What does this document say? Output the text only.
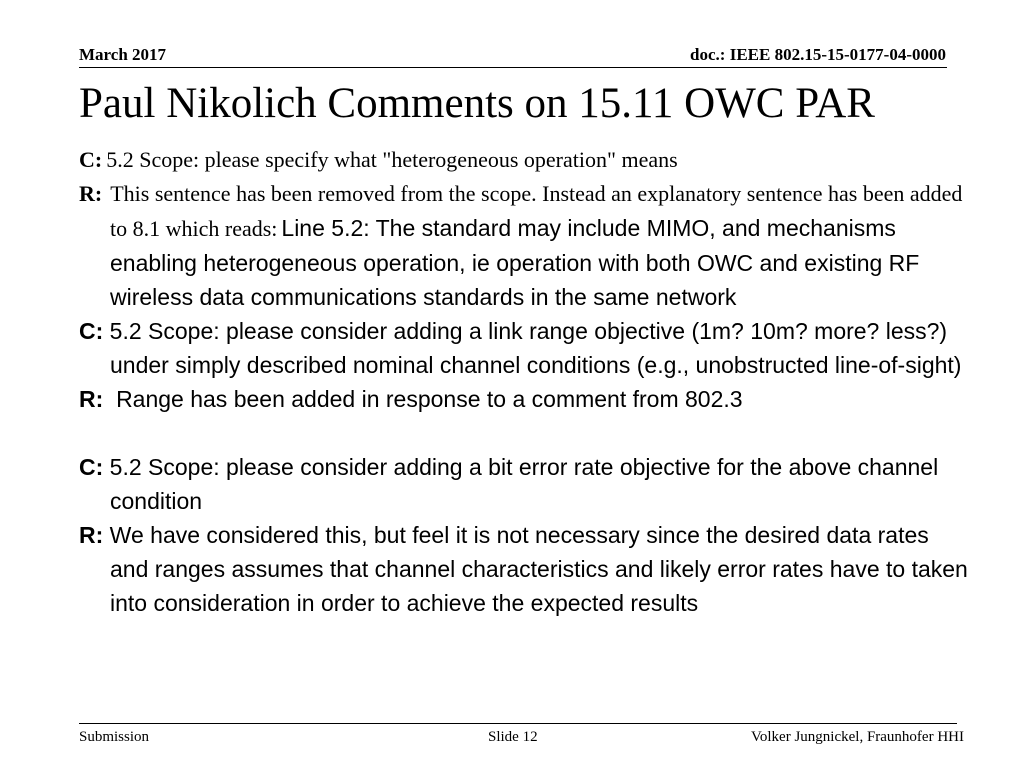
March 2017	doc.: IEEE 802.15-15-0177-04-0000
Paul Nikolich Comments on 15.11 OWC PAR
C: 5.2 Scope: please specify what "heterogeneous operation" means
R: This sentence has been removed from the scope. Instead an explanatory sentence has been added to 8.1 which reads: Line 5.2: The standard may include MIMO, and mechanisms enabling heterogeneous operation, ie operation with both OWC and existing RF wireless data communications standards in the same network
C: 5.2 Scope: please consider adding a link range objective (1m? 10m? more? less?) under simply described nominal channel conditions (e.g., unobstructed line-of-sight)
R: Range has been added in response to a comment from 802.3
C: 5.2 Scope: please consider adding a bit error rate objective for the above channel condition
R: We have considered this, but feel it is not necessary since the desired data rates and ranges assumes that channel characteristics and likely error rates have to taken into consideration in order to achieve the expected results
Submission	Slide 12	Volker Jungnickel, Fraunhofer HHI
